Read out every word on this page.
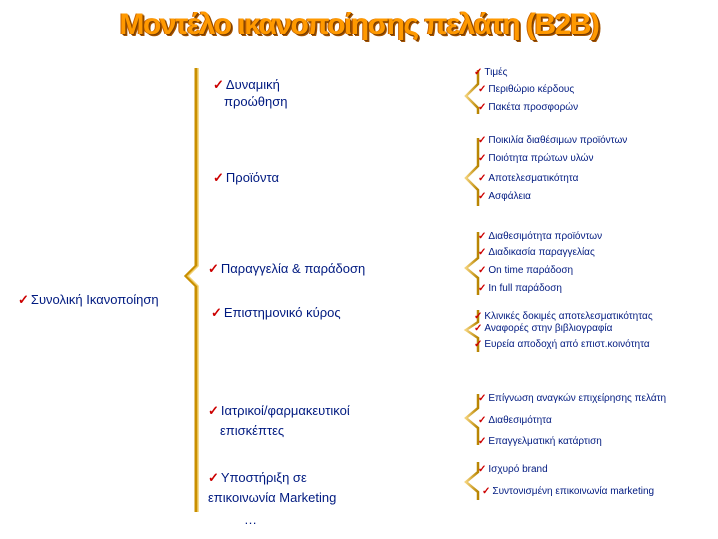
Μοντέλο ικανοποίησης πελάτη (B2B)
✓ Συνολική Ικανοποίηση
✓ Δυναμική
προώθηση
✓ Προϊόντα
✓ Παραγγελία & παράδοση
✓ Επιστημονικό κύρος
✓ Ιατρικοί/φαρμακευτικοί
επισκέπτες
✓ Υποστήριξη σε
επικοινωνία Marketing
…
✓ Τιμές
✓ Περιθώριο κέρδους
✓ Πακέτα προσφορών
✓ Ποικιλία διαθέσιμων προϊόντων
✓ Ποιότητα πρώτων υλών
✓ Αποτελεσματικότητα
✓ Ασφάλεια
✓ Διαθεσιμότητα προϊόντων
✓ Διαδικασία παραγγελίας
✓ On time παράδοση
✓ In full παράδοση
✓ Κλινικές δοκιμές αποτελεσματικότητας
✓ Αναφορές στην βιβλιογραφία
✓ Ευρεία αποδοχή από επιστ.κοινότητα
✓ Επίγνωση αναγκών επιχείρησης πελάτη
✓ Διαθεσιμότητα
✓ Επαγγελματική κατάρτιση
✓ Ισχυρό brand
✓ Συντονισμένη επικοινωνία marketing
